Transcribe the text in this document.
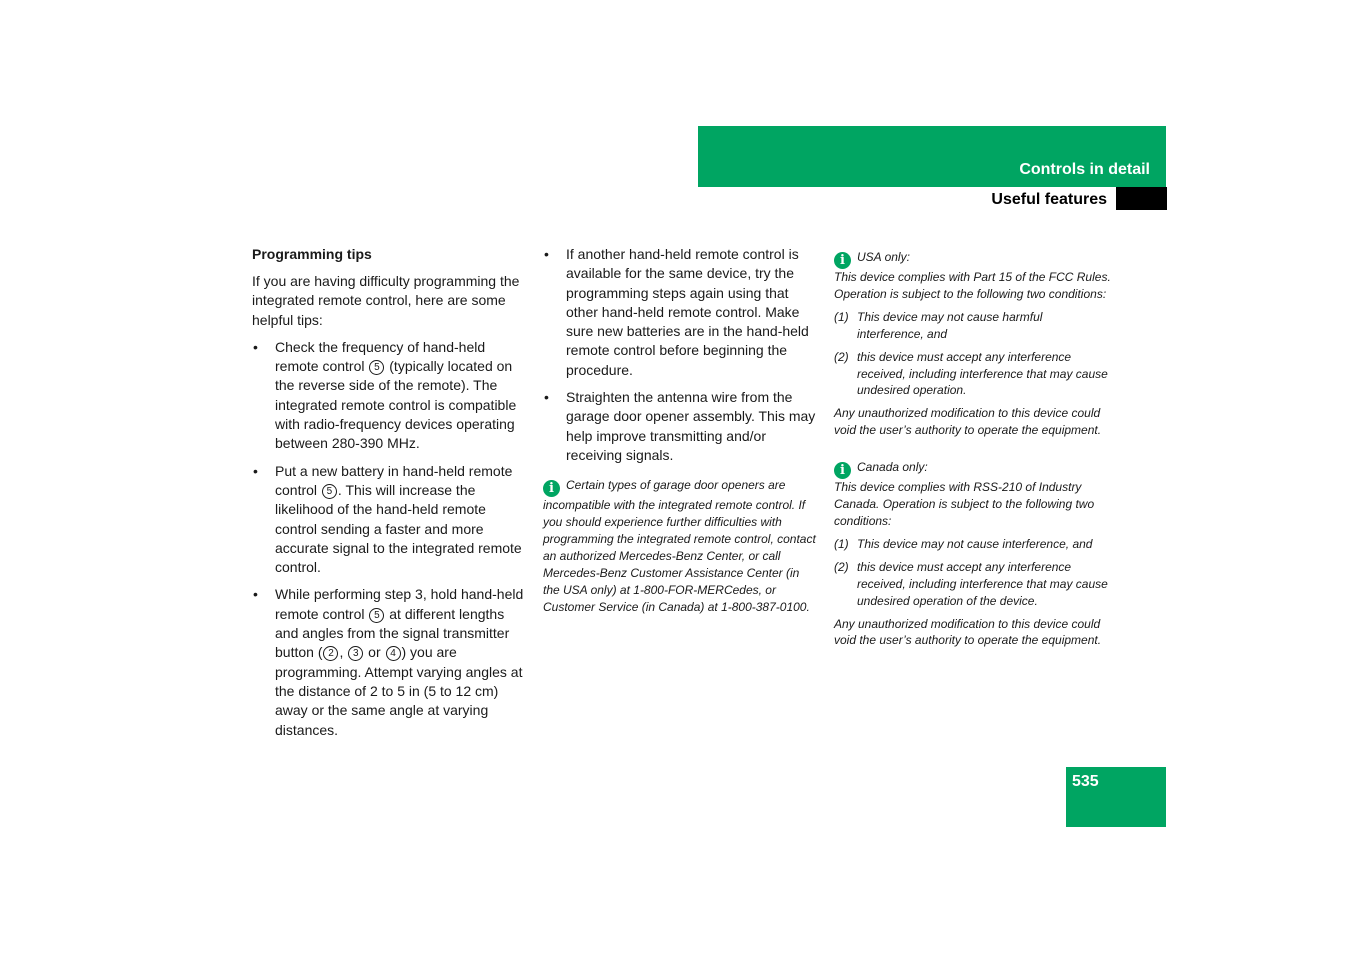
Controls in detail
Useful features
Programming tips

If you are having difficulty programming the integrated remote control, here are some helpful tips:

• Check the frequency of hand-held remote control 5 (typically located on the reverse side of the remote). The integrated remote control is compatible with radio-frequency devices operating between 280-390 MHz.
• Put a new battery in hand-held remote control 5 . This will increase the likelihood of the hand-held remote control sending a faster and more accurate signal to the integrated remote control.
• While performing step 3, hold hand-held remote control 5 at different lengths and angles from the signal transmitter button ( 2 , 3 or 4 ) you are programming. Attempt varying angles at the distance of 2 to 5 in (5 to 12 cm) away or the same angle at varying distances.
• If another hand-held remote control is available for the same device, try the programming steps again using that other hand-held remote control. Make sure new batteries are in the hand-held remote control before beginning the procedure.
• Straighten the antenna wire from the garage door opener assembly. This may help improve transmitting and/or receiving signals.
i Certain types of garage door openers are incompatible with the integrated remote control. If you should experience further difficulties with programming the integrated remote control, contact an authorized Mercedes-Benz Center, or call Mercedes-Benz Customer Assistance Center (in the USA only) at 1-800-FOR-MERCedes, or Customer Service (in Canada) at 1-800-387-0100.
i USA only:

This device complies with Part 15 of the FCC Rules. Operation is subject to the following two conditions:

(1) This device may not cause harmful interference, and
(2) this device must accept any interference received, including interference that may cause undesired operation.

Any unauthorized modification to this device could void the user’s authority to operate the equipment.

i Canada only:

This device complies with RSS-210 of Industry Canada. Operation is subject to the following two conditions:

(1) This device may not cause interference, and
(2) this device must accept any interference received, including interference that may cause undesired operation of the device.

Any unauthorized modification to this device could void the user’s authority to operate the equipment.

535
